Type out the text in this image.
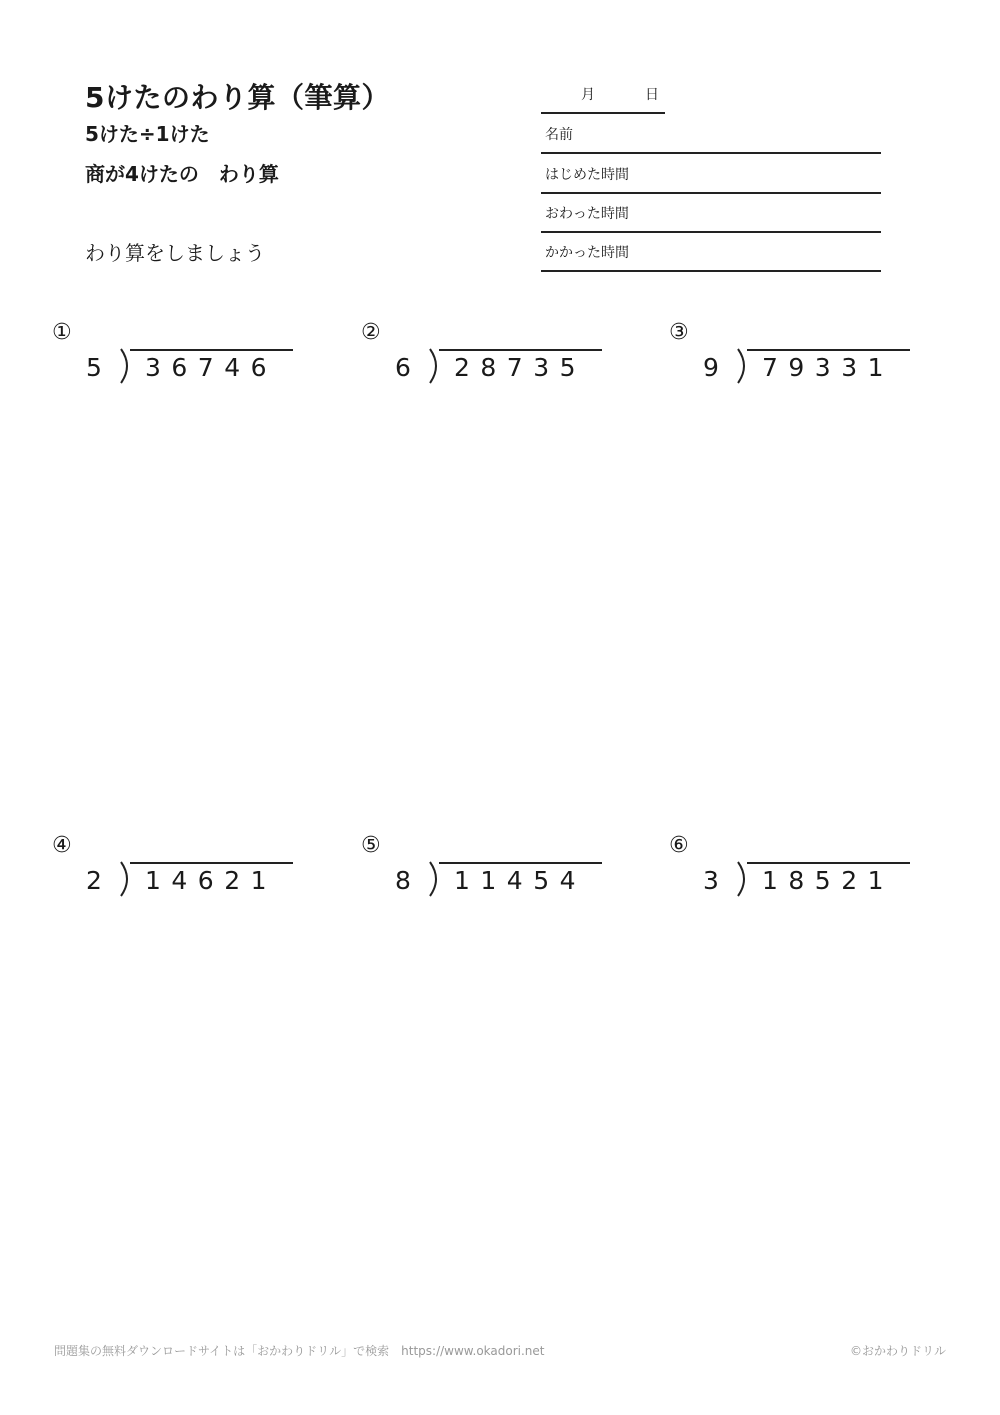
5けたのわり算（筆算）
5けた÷1けた
商が4けたの　わり算
わり算をしましょう
月	日
名前
はじめた時間
おわった時間
かかった時間
①
5 36746
②
6 28735
③
9 79331
④
2 14621
⑤
8 11454
⑥
3 18521
問題集の無料ダウンロードサイトは「おかわりドリル」で検索　https://www.okadori.net	©おかわりドリル
